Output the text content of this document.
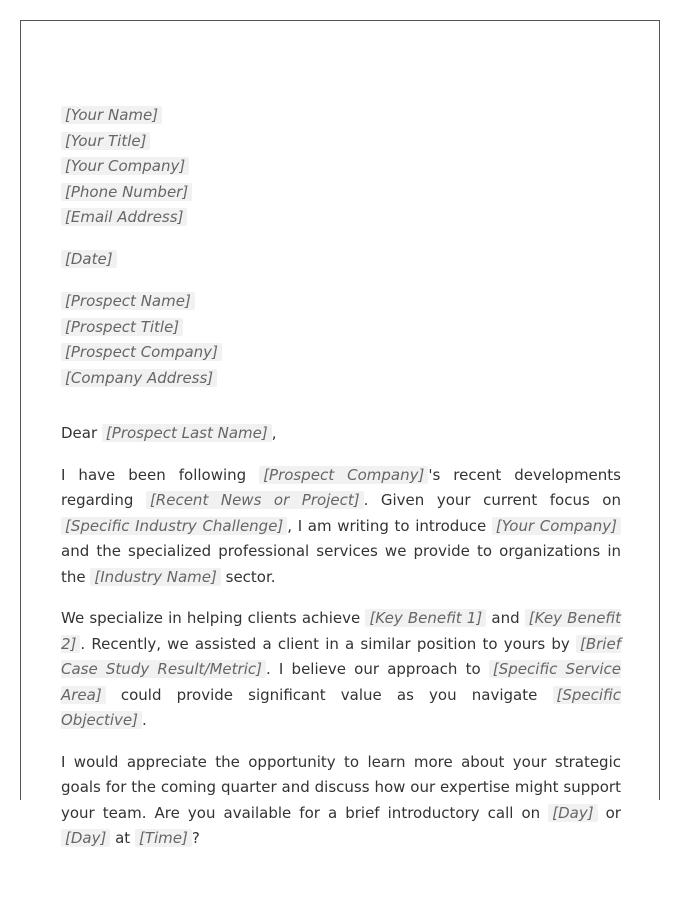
[Your Name]
[Your Title]
[Your Company]
[Phone Number]
[Email Address]
[Date]
[Prospect Name]
[Prospect Title]
[Prospect Company]
[Company Address]

Dear [Prospect Last Name] ,

I have been following [Prospect Company] 's recent developments regarding [Recent News or Project] . Given your current focus on [Specific Industry Challenge] , I am writing to introduce [Your Company] and the specialized professional services we provide to organizations in the [Industry Name] sector.

We specialize in helping clients achieve [Key Benefit 1] and [Key Benefit 2] . Recently, we assisted a client in a similar position to yours by [Brief Case Study Result/Metric] . I believe our approach to [Specific Service Area] could provide significant value as you navigate [Specific Objective] .

I would appreciate the opportunity to learn more about your strategic goals for the coming quarter and discuss how our expertise might support your team. Are you available for a brief introductory call on [Day] or [Day] at [Time] ?
